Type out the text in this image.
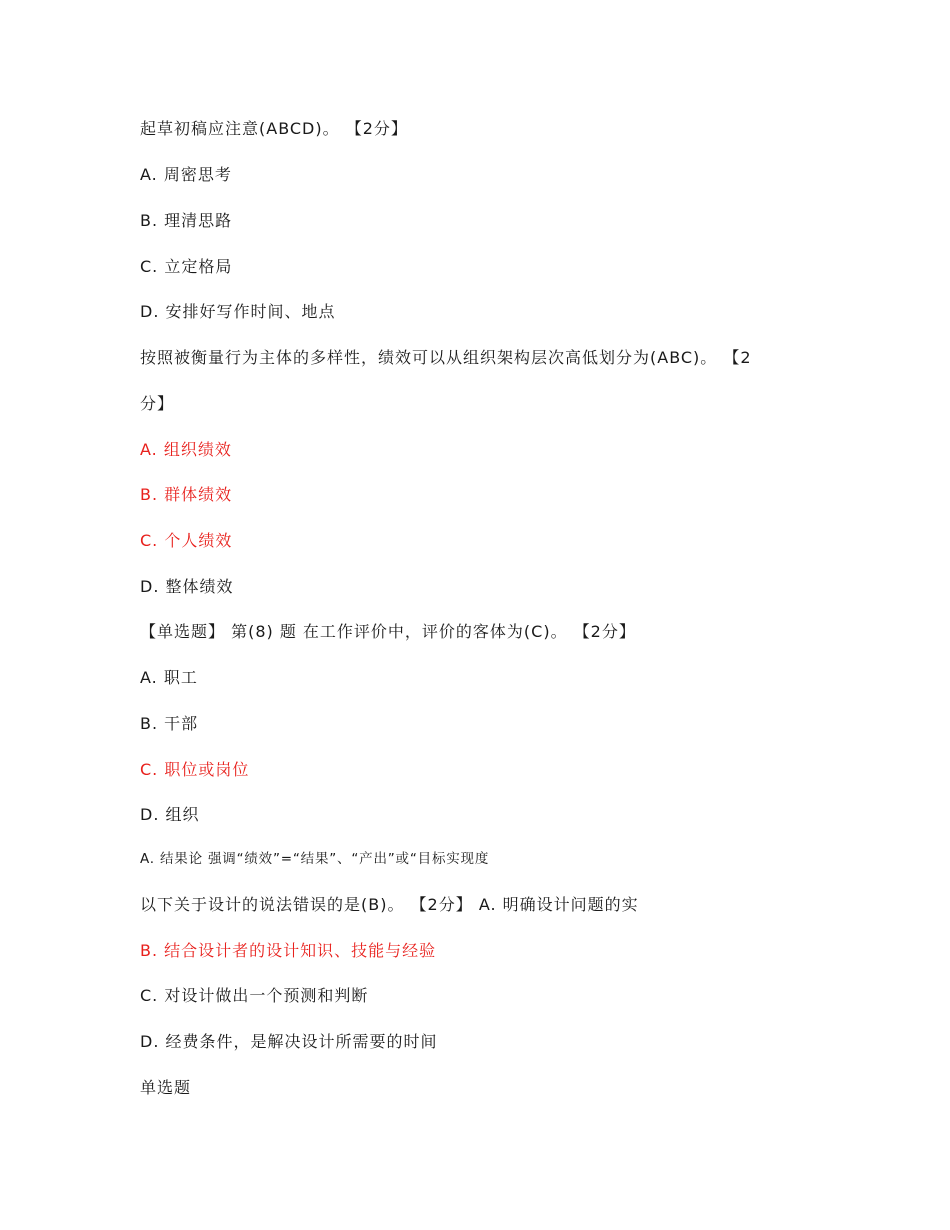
起草初稿应注意(ABCD)。 【2分】
A. 周密思考
B. 理清思路
C. 立定格局
D. 安排好写作时间、地点
按照被衡量行为主体的多样性，绩效可以从组织架构层次高低划分为(ABC)。 【2
分】
A. 组织绩效
B. 群体绩效
C. 个人绩效
D. 整体绩效
【单选题】 第(8) 题 在工作评价中，评价的客体为(C)。 【2分】
A. 职工
B. 干部
C. 职位或岗位
D. 组织
A. 结果论 强调“绩效”=“结果”、“产出”或“目标实现度
以下关于设计的说法错误的是(B)。 【2分】 A. 明确设计问题的实
B. 结合设计者的设计知识、技能与经验
C. 对设计做出一个预测和判断
D. 经费条件，是解决设计所需要的时间
单选题
